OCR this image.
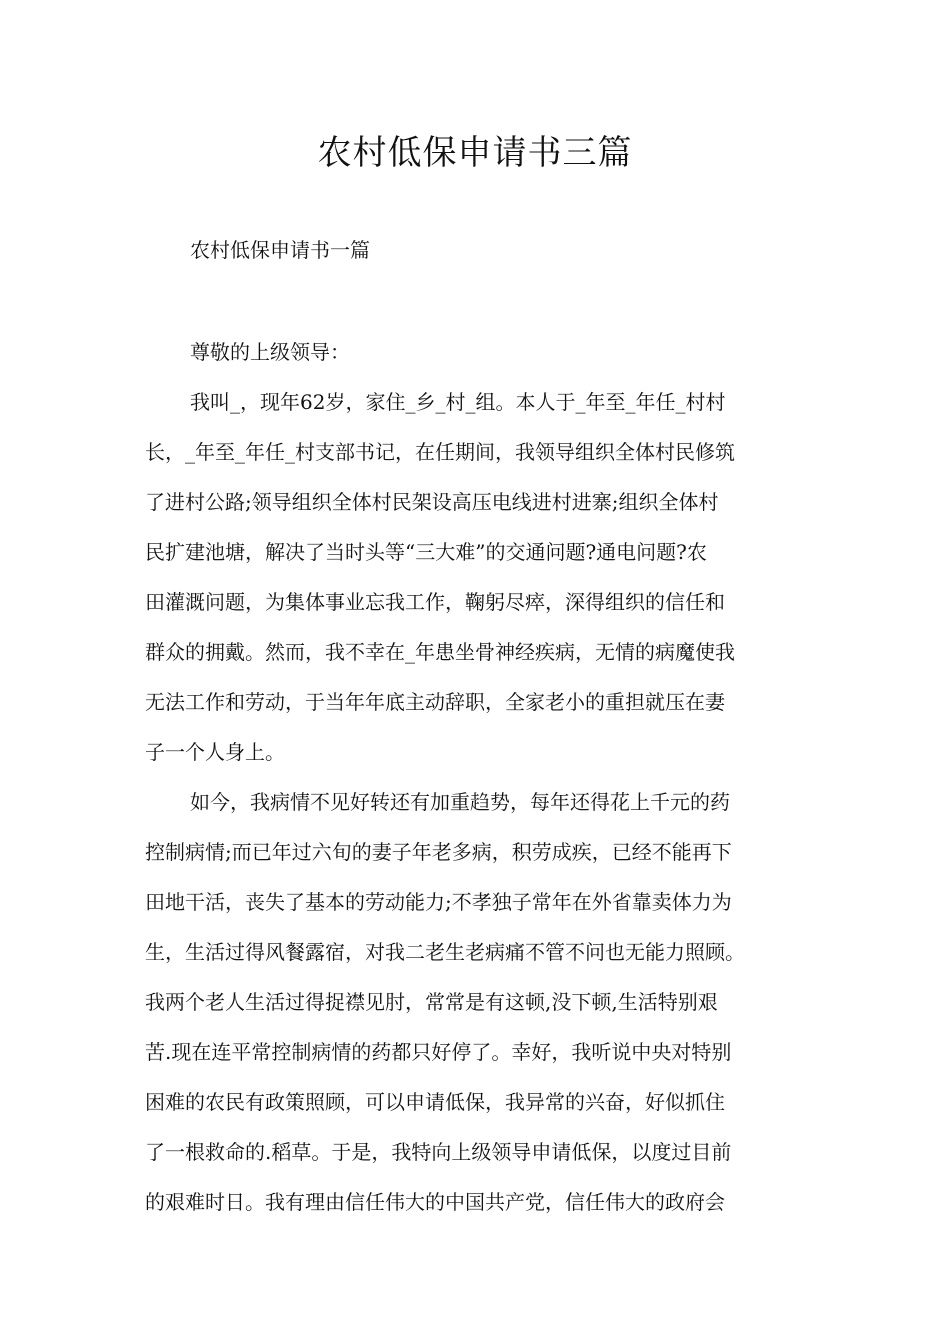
农村低保申请书三篇
农村低保申请书一篇
尊敬的上级领导：
我叫_，现年62岁，家住_乡_村_组。本人于_年至_年任_村村
长，_年至_年任_村支部书记，在任期间，我领导组织全体村民修筑
了进村公路;领导组织全体村民架设高压电线进村进寨;组织全体村
民扩建池塘，解决了当时头等“三大难”的交通问题?通电问题?农
田灌溉问题，为集体事业忘我工作，鞠躬尽瘁，深得组织的信任和
群众的拥戴。然而，我不幸在_年患坐骨神经疾病，无情的病魔使我
无法工作和劳动，于当年年底主动辞职，全家老小的重担就压在妻
子一个人身上。
如今，我病情不见好转还有加重趋势，每年还得花上千元的药
控制病情;而已年过六旬的妻子年老多病，积劳成疾，已经不能再下
田地干活，丧失了基本的劳动能力;不孝独子常年在外省靠卖体力为
生，生活过得风餐露宿，对我二老生老病痛不管不问也无能力照顾。
我两个老人生活过得捉襟见肘，常常是有这顿,没下顿,生活特别艰
苦.现在连平常控制病情的药都只好停了。幸好，我听说中央对特别
困难的农民有政策照顾，可以申请低保，我异常的兴奋，好似抓住
了一根救命的.稻草。于是，我特向上级领导申请低保，以度过目前
的艰难时日。我有理由信任伟大的中国共产党，信任伟大的政府会
